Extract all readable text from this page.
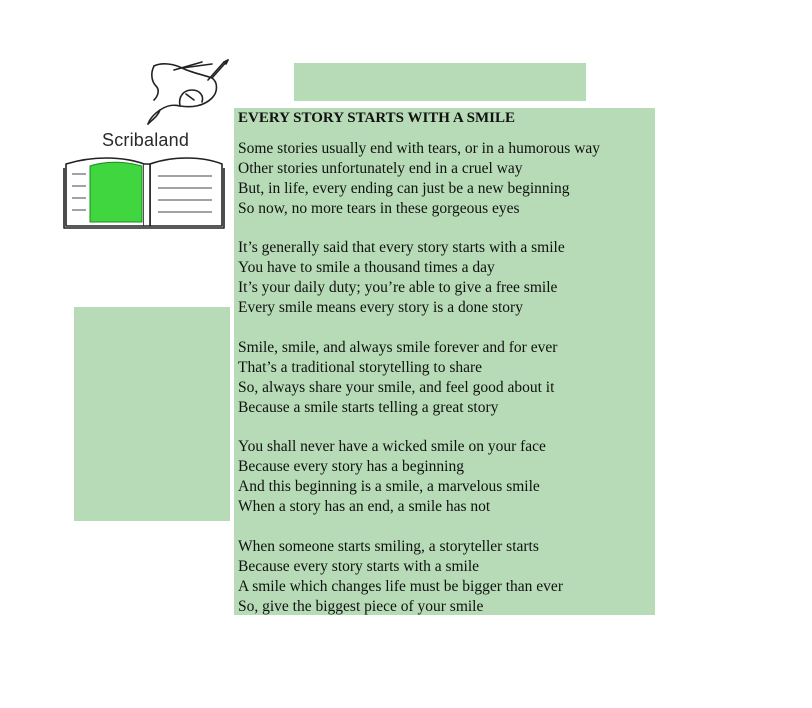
Scribaland
EVERY STORY STARTS WITH A SMILE
Some stories usually end with tears, or in a humorous way
Other stories unfortunately end in a cruel way
But, in life, every ending can just be a new beginning
So now, no more tears in these gorgeous eyes
It’s generally said that every story starts with a smile
You have to smile a thousand times a day
It’s your daily duty; you’re able to give a free smile
Every smile means every story is a done story
Smile, smile, and always smile forever and for ever
That’s a traditional storytelling to share
So, always share your smile, and feel good about it
Because a smile starts telling a great story
You shall never have a wicked smile on your face
Because every story has a beginning
And this beginning is a smile, a marvelous smile
When a story has an end, a smile has not
When someone starts smiling, a storyteller starts
Because every story starts with a smile
A smile which changes life must be bigger than ever
So, give the biggest piece of your smile
